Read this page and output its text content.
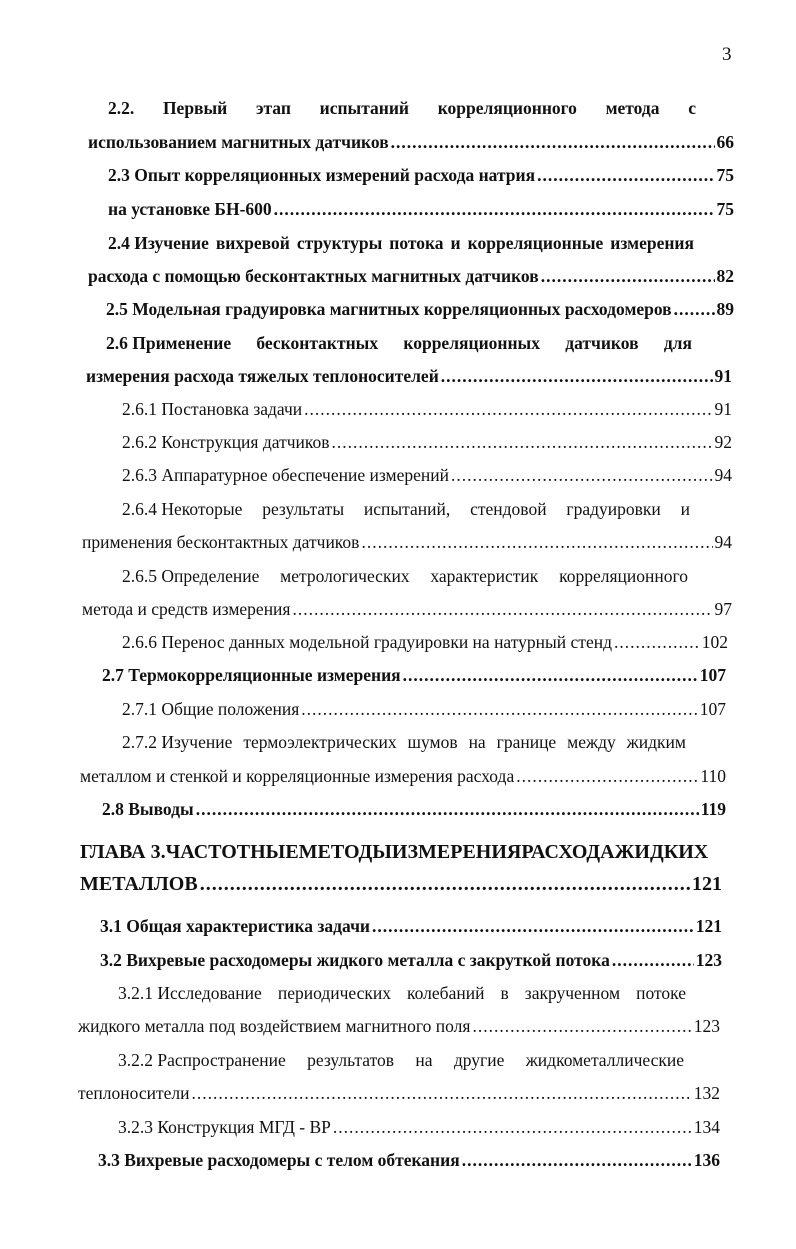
3
2.2. Первый этап испытаний корреляционного метода с
использованием магнитных датчиков .....	66
2.3 Опыт корреляционных измерений расхода натрия .....	75
на установке БН-600 .....	75
2.4 Изучение вихревой структуры потока и корреляционные измерения
расхода с помощью бесконтактных магнитных датчиков .....	82
2.5 Модельная градуировка магнитных корреляционных расходомеров .....	89
2.6 Применение бесконтактных корреляционных датчиков для
измерения расхода тяжелых теплоносителей .....	91
2.6.1 Постановка задачи .....	91
2.6.2 Конструкция датчиков .....	92
2.6.3 Аппаратурное обеспечение измерений .....	94
2.6.4 Некоторые результаты испытаний, стендовой градуировки и
применения бесконтактных датчиков .....	94
2.6.5 Определение метрологических характеристик корреляционного
метода и средств измерения .....	97
2.6.6 Перенос данных модельной градуировки на натурный стенд .....	102
2.7 Термокорреляционные измерения .....	107
2.7.1 Общие положения .....	107
2.7.2 Изучение термоэлектрических шумов на границе между жидким
металлом и стенкой и корреляционные измерения расхода .....	110
2.8 Выводы .....	119
ГЛАВА 3. ЧАСТОТНЫЕ МЕТОДЫ ИЗМЕРЕНИЯ РАСХОДА ЖИДКИХ
МЕТАЛЛОВ .....	121
3.1 Общая характеристика задачи .....	121
3.2 Вихревые расходомеры жидкого металла с закруткой потока .....	123
3.2.1 Исследование периодических колебаний в закрученном потоке
жидкого металла под воздействием магнитного поля .....	123
3.2.2 Распространение результатов на другие жидкометаллические
теплоносители .....	132
3.2.3 Конструкция МГД - ВР .....	134
3.3 Вихревые расходомеры с телом обтекания .....	136
